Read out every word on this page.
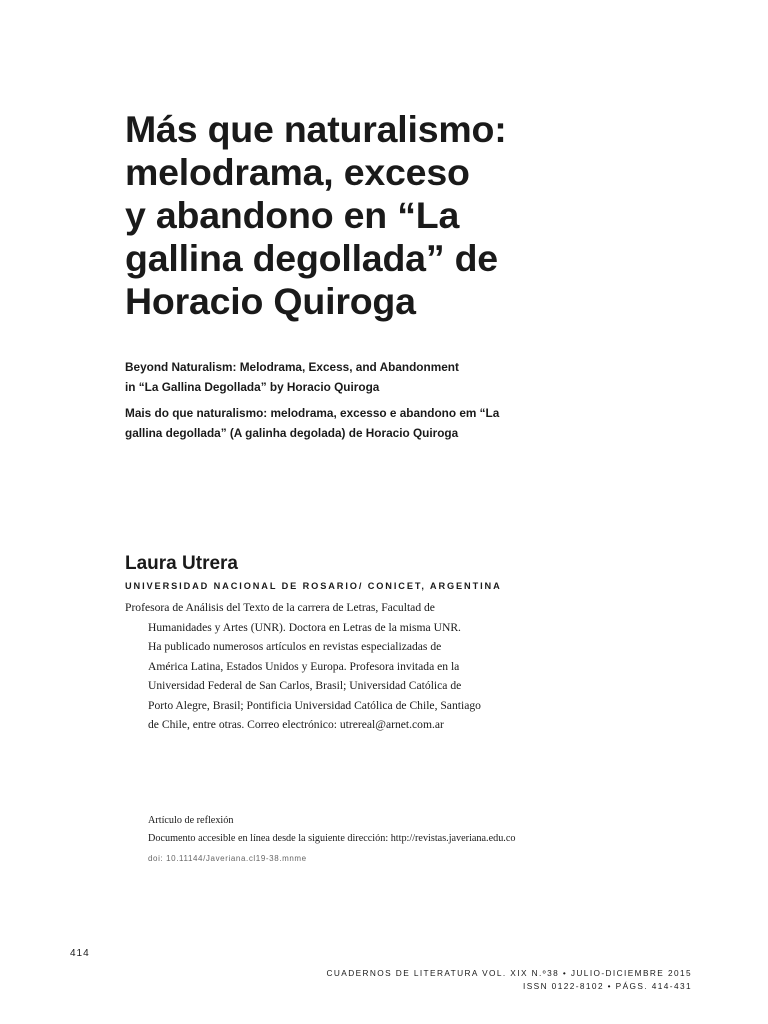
Más que naturalismo:
melodrama, exceso
y abandono en “La
gallina degollada” de
Horacio Quiroga
Beyond Naturalism: Melodrama, Excess, and Abandonment
in “La Gallina Degollada” by Horacio Quiroga
Mais do que naturalismo: melodrama, excesso e abandono em “La
gallina degollada” (A galinha degolada) de Horacio Quiroga
Laura Utrera
UNIVERSIDAD NACIONAL DE ROSARIO/ CONICET, ARGENTINA
Profesora de Análisis del Texto de la carrera de Letras, Facultad de
Humanidades y Artes (UNR). Doctora en Letras de la misma UNR.
Ha publicado numerosos artículos en revistas especializadas de
América Latina, Estados Unidos y Europa. Profesora invitada en la
Universidad Federal de San Carlos, Brasil; Universidad Católica de
Porto Alegre, Brasil; Pontificia Universidad Católica de Chile, Santiago
de Chile, entre otras. Correo electrónico: utrereal@arnet.com.ar
Artículo de reflexión
Documento accesible en línea desde la siguiente dirección: http://revistas.javeriana.edu.co
doi: 10.11144/Javeriana.cl19-38.mnme
414
CUADERNOS DE LITERATURA VOL. XIX N.º38 • JULIO-DICIEMBRE 2015
ISSN 0122-8102 • PÁGS. 414-431
